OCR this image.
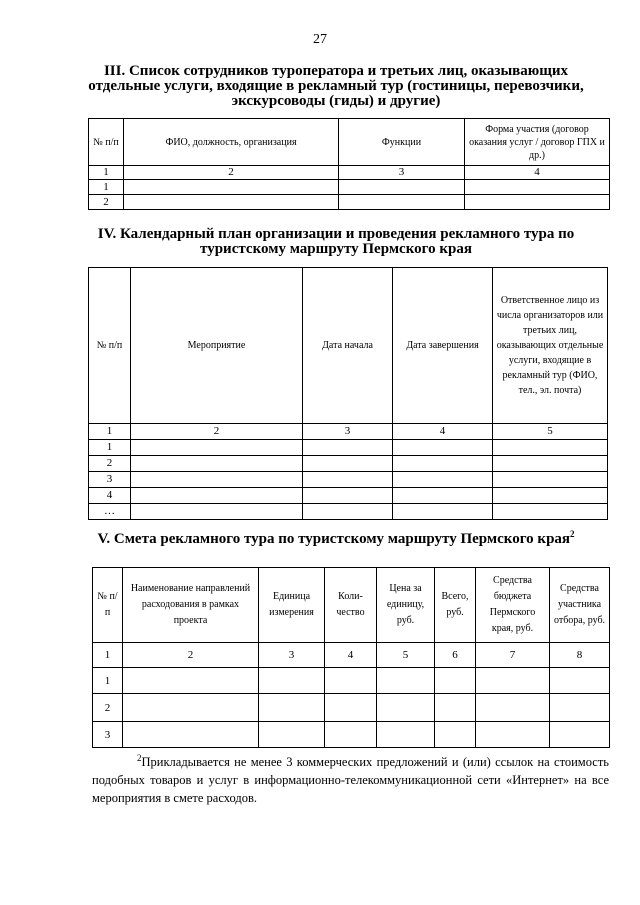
27
III. Список сотрудников туроператора и третьих лиц, оказывающих отдельные услуги, входящие в рекламный тур (гостиницы, перевозчики, экскурсоводы (гиды) и другие)
№ п/п	ФИО, должность, организация	Функции	Форма участия (договор оказания услуг / договор ГПХ и др.)
1	2	3	4
1			
2			
IV. Календарный план организации и проведения рекламного тура по туристскому маршруту Пермского края
№ п/п	Мероприятие	Дата начала	Дата завершения	Ответственное лицо из числа организаторов или третьих лиц, оказывающих отдельные услуги, входящие в рекламный тур (ФИО, тел., эл. почта)
1	2	3	4	5
1				
2				
3				
4				
…				
V. Смета рекламного тура по туристскому маршруту Пермского края$^2$
№ п/п	Наименование направлений расходования в рамках проекта	Единица измерения	Коли-чество	Цена за единицу, руб.	Всего, руб.	Средства бюджета Пермского края, руб.	Средства участника отбора, руб.
1	2	3	4	5	6	7	8
1							
2							
3							
$^2$Прикладывается не менее 3 коммерческих предложений и (или) ссылок на стоимость подобных товаров и услуг в информационно-телекоммуникационной сети «Интернет» на все мероприятия в смете расходов.
